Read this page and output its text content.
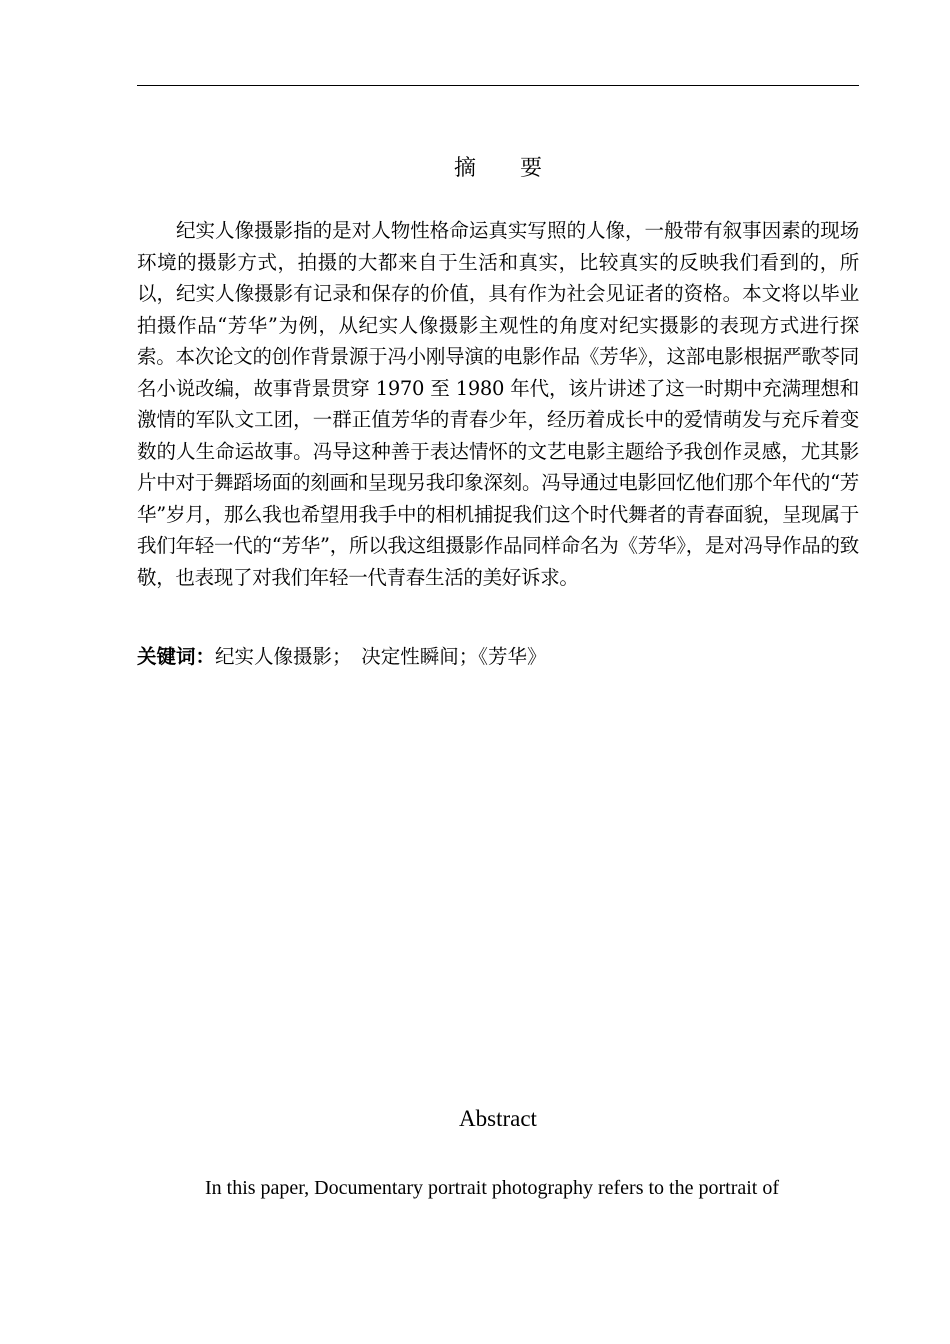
摘　　要

纪实人像摄影指的是对人物性格命运真实写照的人像，一般带有叙事因素的现场环境的摄影方式，拍摄的大都来自于生活和真实，比较真实的反映我们看到的，所以，纪实人像摄影有记录和保存的价值，具有作为社会见证者的资格。本文将以毕业拍摄作品“芳华”为例，从纪实人像摄影主观性的角度对纪实摄影的表现方式进行探索。本次论文的创作背景源于冯小刚导演的电影作品《芳华》，这部电影根据严歌苓同名小说改编，故事背景贯穿 1970 至 1980 年代，该片讲述了这一时期中充满理想和激情的军队文工团，一群正值芳华的青春少年，经历着成长中的爱情萌发与充斥着变数的人生命运故事。冯导这种善于表达情怀的文艺电影主题给予我创作灵感，尤其影片中对于舞蹈场面的刻画和呈现另我印象深刻。冯导通过电影回忆他们那个年代的“芳华”岁月，那么我也希望用我手中的相机捕捉我们这个时代舞者的青春面貌，呈现属于我们年轻一代的“芳华”，所以我这组摄影作品同样命名为《芳华》，是对冯导作品的致敬，也表现了对我们年轻一代青春生活的美好诉求。

关键词：纪实人像摄影；　决定性瞬间；《芳华》

Abstract

In this paper, Documentary portrait photography refers to the portrait of
